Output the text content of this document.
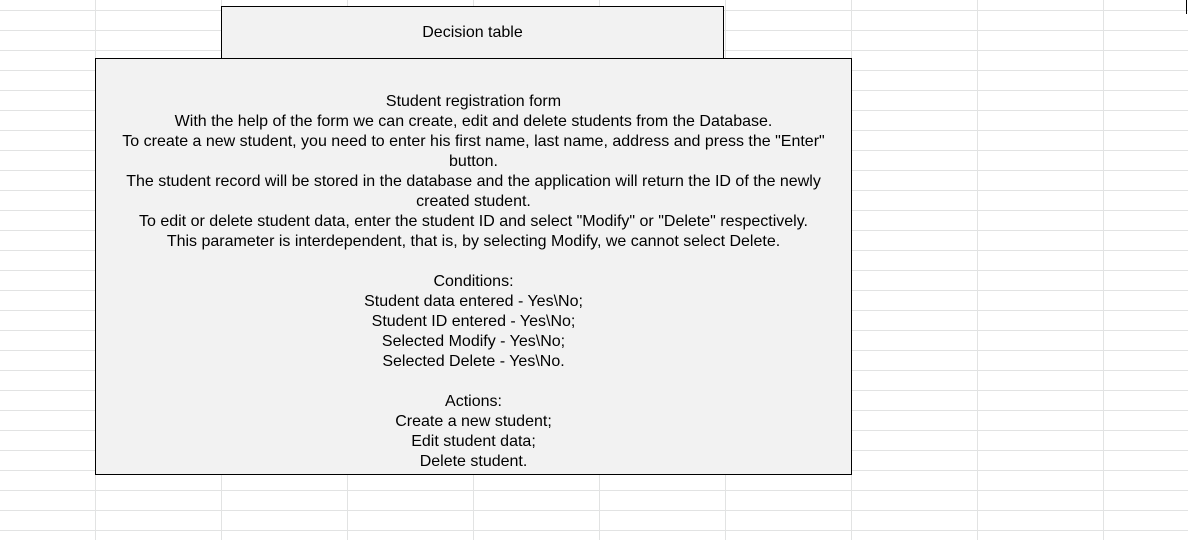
Decision table
Student registration form
With the help of the form we can create, edit and delete students from the Database.
To create a new student, you need to enter his first name, last name, address and press the "Enter" button.
The student record will be stored in the database and the application will return the ID of the newly created student.
To edit or delete student data, enter the student ID and select "Modify" or "Delete" respectively.
This parameter is interdependent, that is, by selecting Modify, we cannot select Delete.
Conditions:
Student data entered - Yes\No;
Student ID entered - Yes\No;
Selected Modify - Yes\No;
Selected Delete - Yes\No.
Actions:
Create a new student;
Edit student data;
Delete student.
